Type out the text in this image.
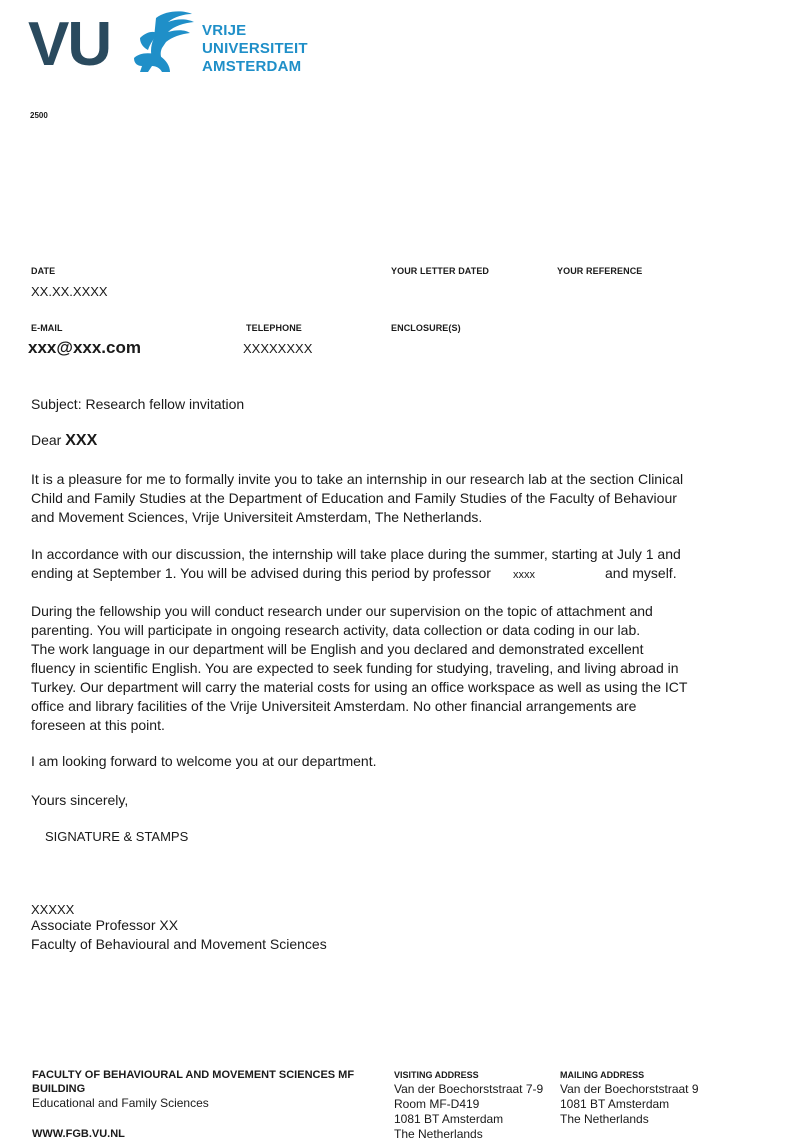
VU	VRIJE
UNIVERSITEIT
AMSTERDAM
2500
DATE
XX.XX.XXXX
YOUR LETTER DATED	YOUR REFERENCE
E-MAIL
xxx@xxx.com
TELEPHONE
XXXXXXXX
ENCLOSURE(S)
Subject: Research fellow invitation
Dear XXX

It is a pleasure for me to formally invite you to take an internship in our research lab at the section Clinical

Child and Family Studies at the Department of Education and Family Studies of the Faculty of Behaviour

and Movement Sciences, Vrije Universiteit Amsterdam, The Netherlands.

In accordance with our discussion, the internship will take place during the summer, starting at July 1 and

ending at September 1. You will be advised during this period by professor xxxx	and myself.

During the fellowship you will conduct research under our supervision on the topic of attachment and

parenting. You will participate in ongoing research activity, data collection or data coding in our lab.

The work language in our department will be English and you declared and demonstrated excellent

fluency in scientific English. You are expected to seek funding for studying, traveling, and living abroad in

Turkey. Our department will carry the material costs for using an office workspace as well as using the ICT

office and library facilities of the Vrije Universiteit Amsterdam. No other financial arrangements are

foreseen at this point.

I am looking forward to welcome you at our department.
Yours sincerely,
SIGNATURE & STAMPS
XXXXX
Associate Professor XX
Faculty of Behavioural and Movement Sciences
FACULTY OF BEHAVIOURAL AND MOVEMENT SCIENCES MF
BUILDING
Educational and Family Sciences
WWW.FGB.VU.NL
VISITING ADDRESS
Van der Boechorststraat 7-9
Room MF-D419
1081 BT Amsterdam
The Netherlands
MAILING ADDRESS
Van der Boechorststraat 9
1081 BT Amsterdam
The Netherlands
